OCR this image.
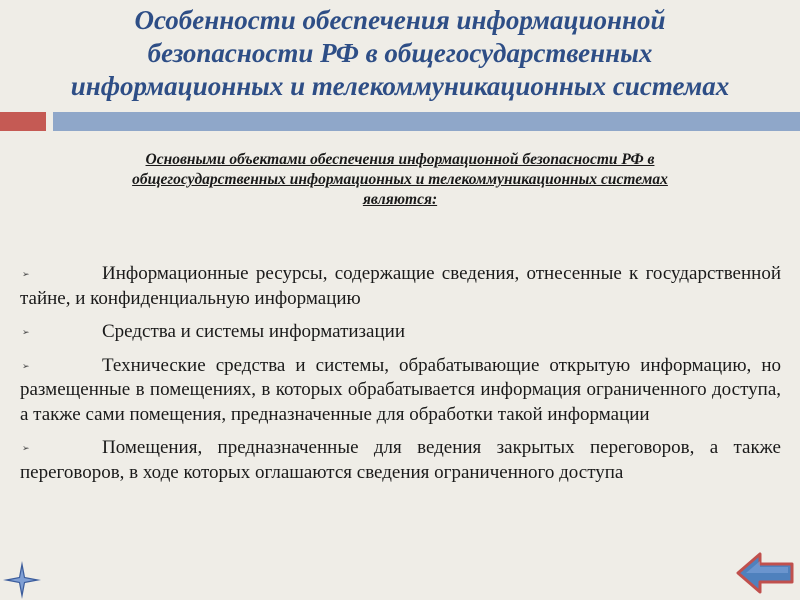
Особенности обеспечения информационной
безопасности РФ в общегосударственных
информационных и телекоммуникационных системах
Основными объектами обеспечения информационной безопасности РФ в
общегосударственных информационных и телекоммуникационных системах
являются:
➢	Информационные ресурсы, содержащие сведения, отнесенные к государственной тайне, и конфиденциальную информацию
➢	Средства и системы информатизации
➢	Технические средства и системы, обрабатывающие открытую информацию, но размещенные в помещениях, в которых обрабатывается информация ограниченного доступа, а также сами помещения, предназначенные для обработки такой информации
➢	Помещения, предназначенные для ведения закрытых переговоров, а также переговоров, в ходе которых оглашаются сведения ограниченного доступа
